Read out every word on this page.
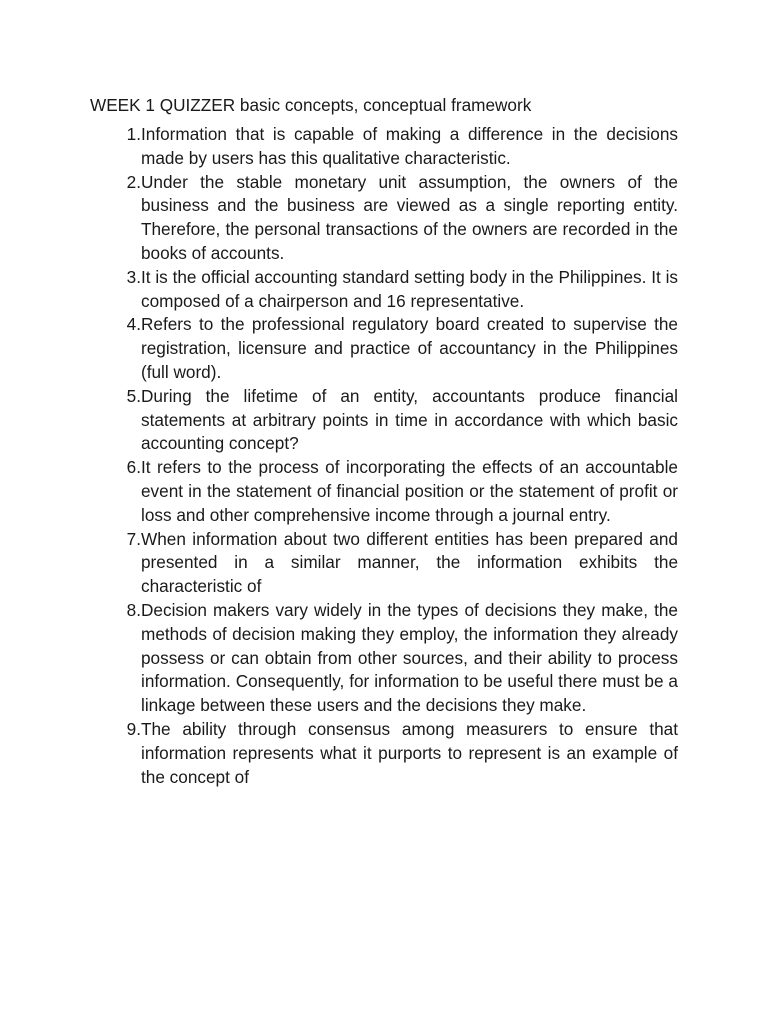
WEEK 1 QUIZZER basic concepts, conceptual framework
1. Information that is capable of making a difference in the decisions made by users has this qualitative characteristic.
2. Under the stable monetary unit assumption, the owners of the business and the business are viewed as a single reporting entity. Therefore, the personal transactions of the owners are recorded in the books of accounts.
3. It is the official accounting standard setting body in the Philippines. It is composed of a chairperson and 16 representative.
4. Refers to the professional regulatory board created to supervise the registration, licensure and practice of accountancy in the Philippines (full word).
5. During the lifetime of an entity, accountants produce financial statements at arbitrary points in time in accordance with which basic accounting concept?
6. It refers to the process of incorporating the effects of an accountable event in the statement of financial position or the statement of profit or loss and other comprehensive income through a journal entry.
7. When information about two different entities has been prepared and presented in a similar manner, the information exhibits the characteristic of
8. Decision makers vary widely in the types of decisions they make, the methods of decision making they employ, the information they already possess or can obtain from other sources, and their ability to process information. Consequently, for information to be useful there must be a linkage between these users and the decisions they make.
9. The ability through consensus among measurers to ensure that information represents what it purports to represent is an example of the concept of
